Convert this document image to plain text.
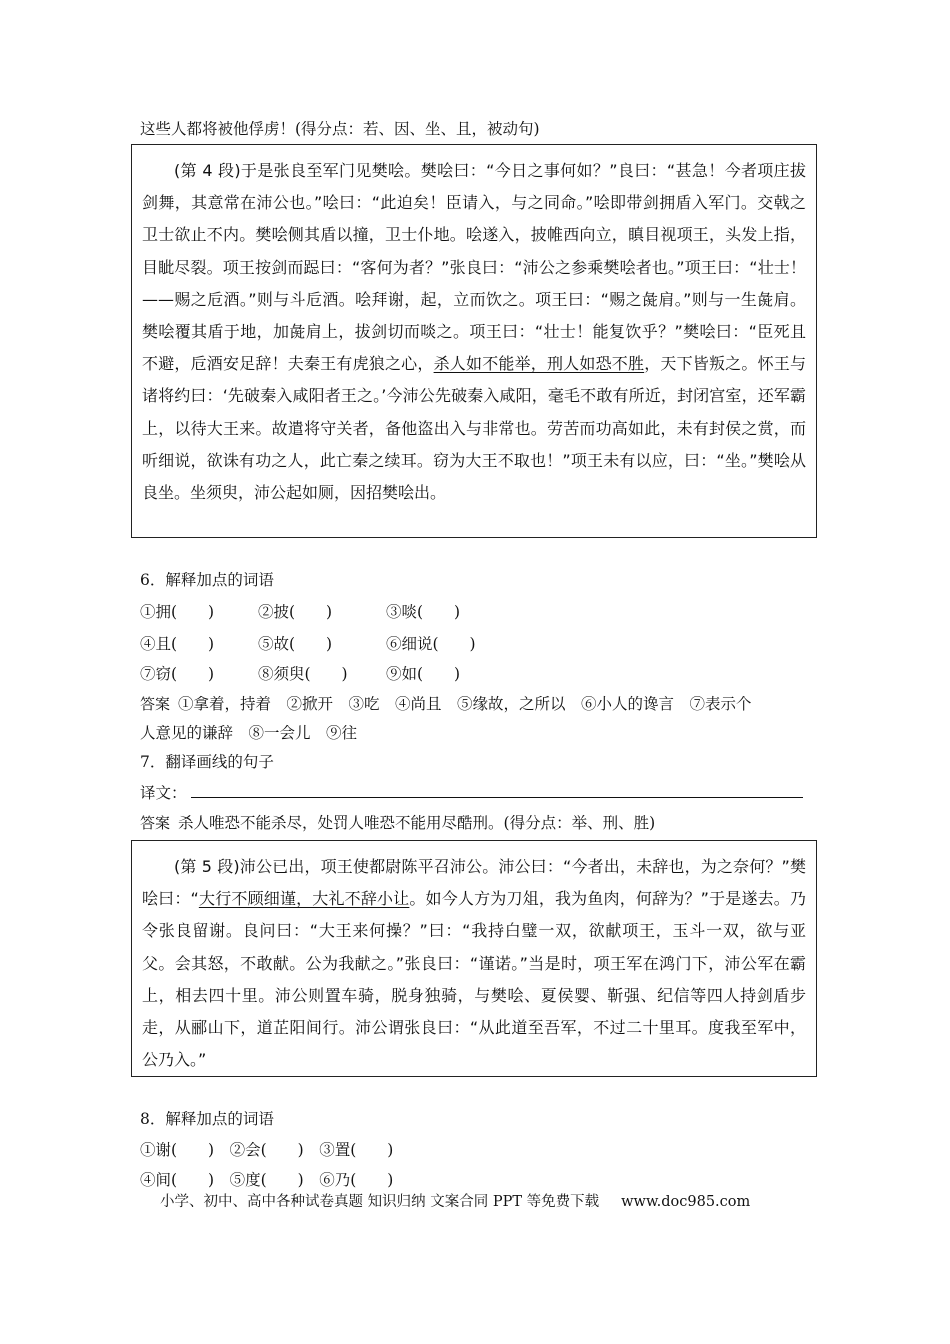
这些人都将被他俘虏！(得分点：若、因、坐、且，被动句)

(第 4 段)于是张良至军门见樊哙。樊哙曰：“今日之事何如？”良曰：“甚急！今者项庄拔剑舞，其意常在沛公也。”哙曰：“此迫矣！臣请入，与之同命。”哙即带剑拥盾入军门。交戟之卫士欲止不内。樊哙侧其盾以撞，卫士仆地。哙遂入，披帷西向立，瞋目视项王，头发上指，目眦尽裂。项王按剑而跽曰：“客何为者？”张良曰：“沛公之参乘樊哙者也。”项王曰：“壮士！——赐之卮酒。”则与斗卮酒。哙拜谢，起，立而饮之。项王曰：“赐之彘肩。”则与一生彘肩。樊哙覆其盾于地，加彘肩上，拔剑切而啖之。项王曰：“壮士！能复饮乎？”樊哙曰：“臣死且不避，卮酒安足辞！夫秦王有虎狼之心，杀人如不能举，刑人如恐不胜，天下皆叛之。怀王与诸将约曰：‘先破秦入咸阳者王之。’今沛公先破秦入咸阳，毫毛不敢有所近，封闭宫室，还军霸上，以待大王来。故遣将守关者，备他盗出入与非常也。劳苦而功高如此，未有封侯之赏，而听细说，欲诛有功之人，此亡秦之续耳。窃为大王不取也！”项王未有以应，曰：“坐。”樊哙从良坐。坐须臾，沛公起如厕，因招樊哙出。

6．解释加点的词语
①拥(　　)	②披(　　)	③啖(　　)
④且(　　)	⑤故(　　)	⑥细说(　　)
⑦窃(　　)	⑧须臾(　　) ⑨如(　　)
答案 ①拿着，持着　②掀开　③吃　④尚且　⑤缘故，之所以　⑥小人的谗言　⑦表示个
人意见的谦辞　⑧一会儿　⑨往
7．翻译画线的句子
译文：
答案 杀人唯恐不能杀尽，处罚人唯恐不能用尽酷刑。(得分点：举、刑、胜)

(第 5 段)沛公已出，项王使都尉陈平召沛公。沛公曰：“今者出，未辞也，为之奈何？”樊哙曰：“大行不顾细谨，大礼不辞小让。如今人方为刀俎，我为鱼肉，何辞为？”于是遂去。乃令张良留谢。良问曰：“大王来何操？”曰：“我持白璧一双，欲献项王，玉斗一双，欲与亚父。会其怒，不敢献。公为我献之。”张良曰：“谨诺。”当是时，项王军在鸿门下，沛公军在霸上，相去四十里。沛公则置车骑，脱身独骑，与樊哙、夏侯婴、靳强、纪信等四人持剑盾步走，从郦山下，道芷阳间行。沛公谓张良曰：“从此道至吾军，不过二十里耳。度我至军中，公乃入。”

8．解释加点的词语
①谢(　　)　②会(　　)　③置(　　)
④间(　　)　⑤度(　　)　⑥乃(　　)
小学、初中、高中各种试卷真题 知识归纳 文案合同 PPT 等免费下载 www.doc985.com
